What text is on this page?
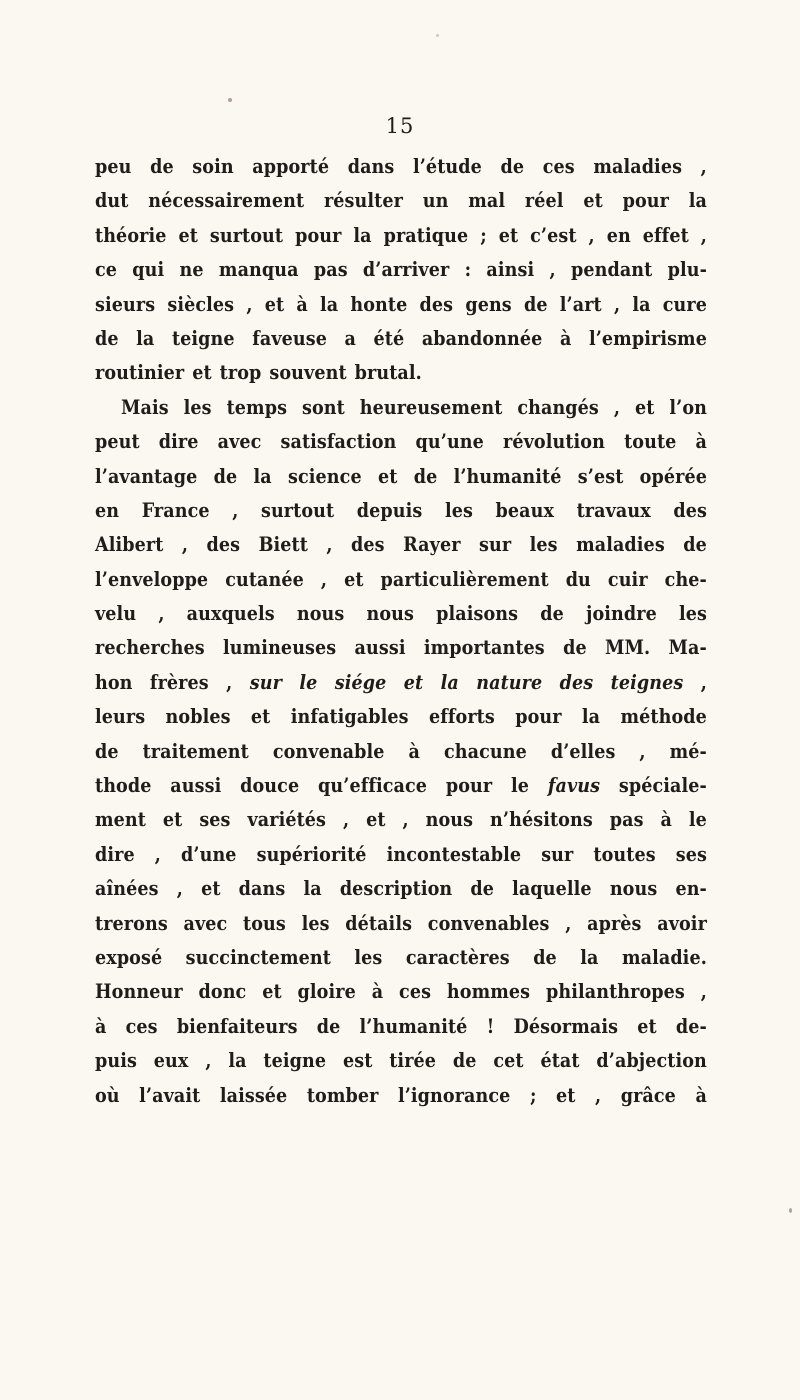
15
peu de soin apporté dans l’étude de ces maladies ,
dut nécessairement résulter un mal réel et pour la
théorie et surtout pour la pratique ; et c’est , en effet ,
ce qui ne manqua pas d’arriver : ainsi , pendant plu-
sieurs siècles , et à la honte des gens de l’art , la cure
de la teigne faveuse a été abandonnée à l’empirisme
routinier et trop souvent brutal.
Mais les temps sont heureusement changés , et l’on
peut dire avec satisfaction qu’une révolution toute à
l’avantage de la science et de l’humanité s’est opérée
en France , surtout depuis les beaux travaux des
Alibert , des Biett , des Rayer sur les maladies de
l’enveloppe cutanée , et particulièrement du cuir che-
velu , auxquels nous nous plaisons de joindre les
recherches lumineuses aussi importantes de MM. Ma-
hon frères , sur le siége et la nature des teignes ,
leurs nobles et infatigables efforts pour la méthode
de traitement convenable à chacune d’elles , mé-
thode aussi douce qu’efficace pour le favus spéciale-
ment et ses variétés , et , nous n’hésitons pas à le
dire , d’une supériorité incontestable sur toutes ses
aînées , et dans la description de laquelle nous en-
trerons avec tous les détails convenables , après avoir
exposé succinctement les caractères de la maladie.
Honneur donc et gloire à ces hommes philanthropes ,
à ces bienfaiteurs de l’humanité ! Désormais et de-
puis eux , la teigne est tirée de cet état d’abjection
où l’avait laissée tomber l’ignorance ; et , grâce à
